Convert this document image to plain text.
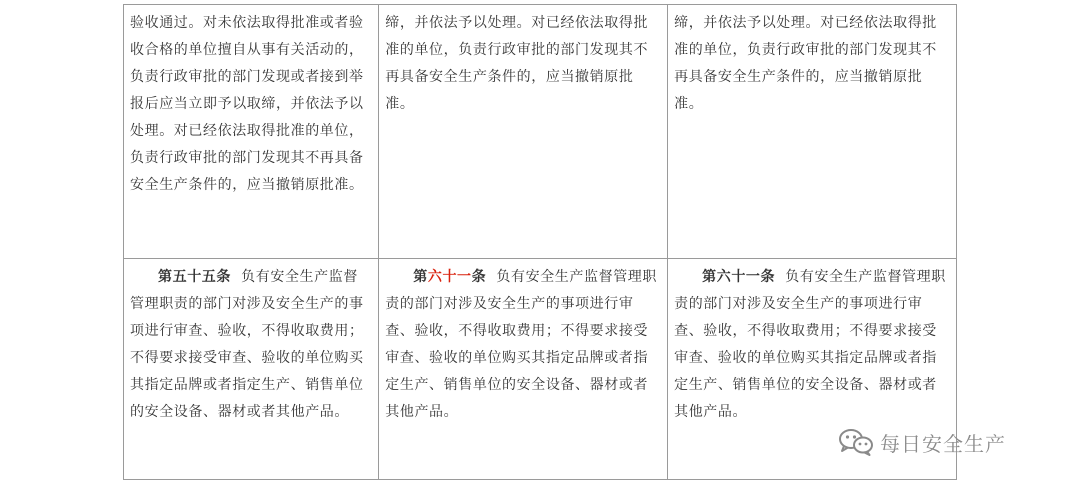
验收通过。对未依法取得批准或者验收合格的单位擅自从事有关活动的，负责行政审批的部门发现或者接到举报后应当立即予以取缔，并依法予以处理。对已经依法取得批准的单位，负责行政审批的部门发现其不再具备安全生产条件的，应当撤销原批准。	缔，并依法予以处理。对已经依法取得批准的单位，负责行政审批的部门发现其不再具备安全生产条件的，应当撤销原批准。	缔，并依法予以处理。对已经依法取得批准的单位，负责行政审批的部门发现其不再具备安全生产条件的，应当撤销原批准。
第五十五条 负有安全生产监督管理职责的部门对涉及安全生产的事项进行审查、验收，不得收取费用；不得要求接受审查、验收的单位购买其指定品牌或者指定生产、销售单位的安全设备、器材或者其他产品。	第六十一条 负有安全生产监督管理职责的部门对涉及安全生产的事项进行审查、验收，不得收取费用；不得要求接受审查、验收的单位购买其指定品牌或者指定生产、销售单位的安全设备、器材或者其他产品。	第六十一条 负有安全生产监督管理职责的部门对涉及安全生产的事项进行审查、验收，不得收取费用；不得要求接受审查、验收的单位购买其指定品牌或者指定生产、销售单位的安全设备、器材或者其他产品。
每日安全生产
